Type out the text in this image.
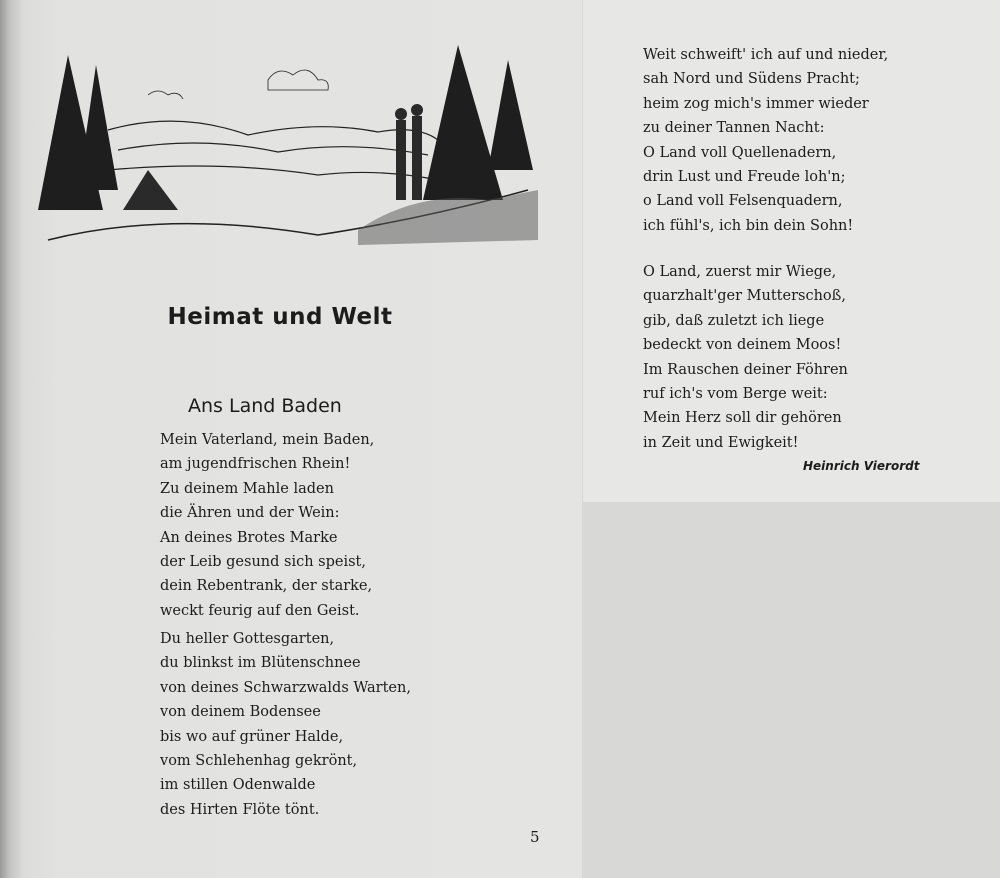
Heimat und Welt
Ans Land Baden
Mein Vaterland, mein Baden,
am jugendfrischen Rhein!
Zu deinem Mahle laden
die Ähren und der Wein:
An deines Brotes Marke
der Leib gesund sich speist,
dein Rebentrank, der starke,
weckt feurig auf den Geist.
Du heller Gottesgarten,
du blinkst im Blütenschnee
von deines Schwarzwalds Warten,
von deinem Bodensee
bis wo auf grüner Halde,
vom Schlehenhag gekrönt,
im stillen Odenwalde
des Hirten Flöte tönt.
5
Weit schweift' ich auf und nieder,
sah Nord und Südens Pracht;
heim zog mich's immer wieder
zu deiner Tannen Nacht:
O Land voll Quellenadern,
drin Lust und Freude loh'n;
o Land voll Felsenquadern,
ich fühl's, ich bin dein Sohn!
O Land, zuerst mir Wiege,
quarzhalt'ger Mutterschoß,
gib, daß zuletzt ich liege
bedeckt von deinem Moos!
Im Rauschen deiner Föhren
ruf ich's vom Berge weit:
Mein Herz soll dir gehören
in Zeit und Ewigkeit!
Heinrich Vierordt
